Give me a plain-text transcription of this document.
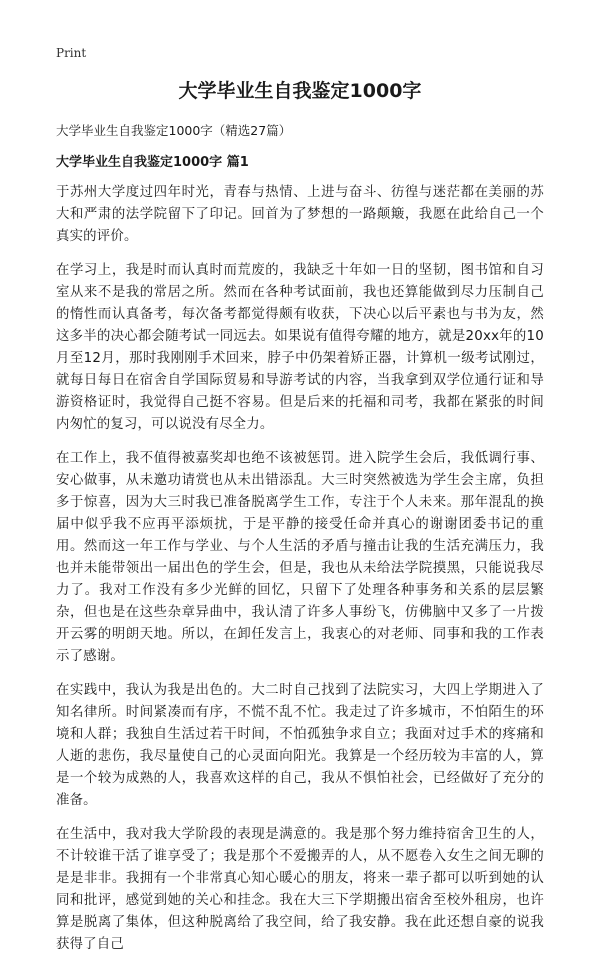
Print
大学毕业生自我鉴定1000字

大学毕业生自我鉴定1000字（精选27篇）

大学毕业生自我鉴定1000字 篇1

于苏州大学度过四年时光，青春与热情、上进与奋斗、彷徨与迷茫都在美丽的苏大和严肃的法学院留下了印记。回首为了梦想的一路颠簸，我愿在此给自己一个真实的评价。

在学习上，我是时而认真时而荒废的，我缺乏十年如一日的坚韧，图书馆和自习室从来不是我的常居之所。然而在各种考试面前，我也还算能做到尽力压制自己的惰性而认真备考，每次备考都觉得颇有收获，下决心以后平素也与书为友，然这多半的决心都会随考试一同远去。如果说有值得夸耀的地方，就是20xx年的10月至12月，那时我刚刚手术回来，脖子中仍架着矫正器，计算机一级考试刚过，就每日每日在宿舍自学国际贸易和导游考试的内容，当我拿到双学位通行证和导游资格证时，我觉得自己挺不容易。但是后来的托福和司考，我都在紧张的时间内匆忙的复习，可以说没有尽全力。

在工作上，我不值得被嘉奖却也绝不该被惩罚。进入院学生会后，我低调行事、安心做事，从未邀功请赏也从未出错添乱。大三时突然被选为学生会主席，负担多于惊喜，因为大三时我已准备脱离学生工作，专注于个人未来。那年混乱的换届中似乎我不应再平添烦扰，于是平静的接受任命并真心的谢谢团委书记的重用。然而这一年工作与学业、与个人生活的矛盾与撞击让我的生活充满压力，我也并未能带领出一届出色的学生会，但是，我也从未给法学院摸黑，只能说我尽力了。我对工作没有多少光鲜的回忆，只留下了处理各种事务和关系的层层繁杂，但也是在这些杂章异曲中，我认清了许多人事纷飞，仿佛脑中又多了一片拨开云雾的明朗天地。所以，在卸任发言上，我衷心的对老师、同事和我的工作表示了感谢。

在实践中，我认为我是出色的。大二时自己找到了法院实习，大四上学期进入了知名律所。时间紧凑而有序，不慌不乱不忙。我走过了许多城市，不怕陌生的环境和人群；我独自生活过若干时间，不怕孤独争求自立；我面对过手术的疼痛和人逝的悲伤，我尽量使自己的心灵面向阳光。我算是一个经历较为丰富的人，算是一个较为成熟的人，我喜欢这样的自己，我从不惧怕社会，已经做好了充分的准备。

在生活中，我对我大学阶段的表现是满意的。我是那个努力维持宿舍卫生的人，不计较谁干活了谁享受了；我是那个不爱搬弄的人，从不愿卷入女生之间无聊的是是非非。我拥有一个非常真心知心暖心的朋友，将来一辈子都可以听到她的认同和批评，感觉到她的关心和挂念。我在大三下学期搬出宿舍至校外租房，也许算是脱离了集体，但这种脱离给了我空间，给了我安静。我在此还想自豪的说我获得了自己
